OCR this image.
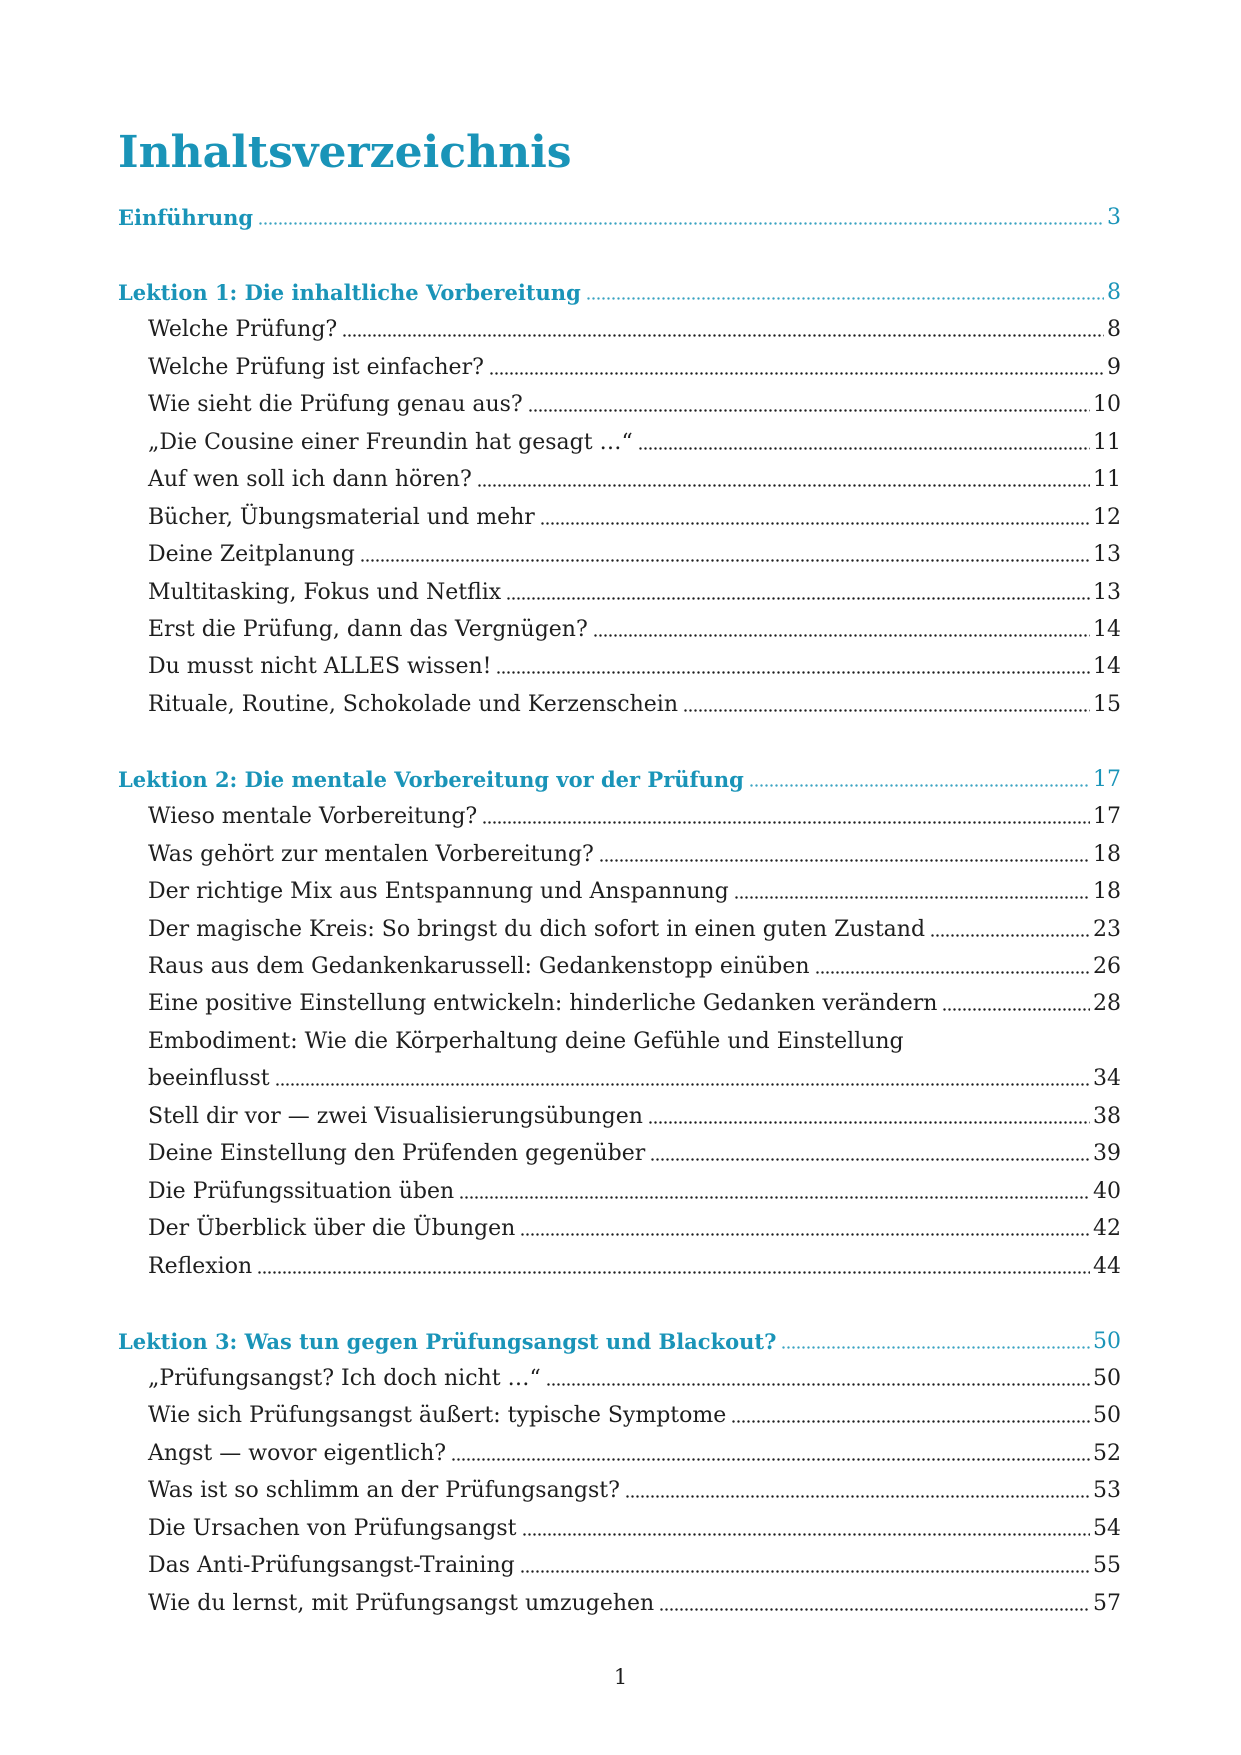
Inhaltsverzeichnis
Einführung	3
Lektion 1: Die inhaltliche Vorbereitung	8
Welche Prüfung?	8
Welche Prüfung ist einfacher?	9
Wie sieht die Prüfung genau aus?	10
„Die Cousine einer Freundin hat gesagt …“	11
Auf wen soll ich dann hören?	11
Bücher, Übungsmaterial und mehr	12
Deine Zeitplanung	13
Multitasking, Fokus und Netflix	13
Erst die Prüfung, dann das Vergnügen?	14
Du musst nicht ALLES wissen!	14
Rituale, Routine, Schokolade und Kerzenschein	15
Lektion 2: Die mentale Vorbereitung vor der Prüfung	17
Wieso mentale Vorbereitung?	17
Was gehört zur mentalen Vorbereitung?	18
Der richtige Mix aus Entspannung und Anspannung	18
Der magische Kreis: So bringst du dich sofort in einen guten Zustand	23
Raus aus dem Gedankenkarussell: Gedankenstopp einüben	26
Eine positive Einstellung entwickeln: hinderliche Gedanken verändern	28
Embodiment: Wie die Körperhaltung deine Gefühle und Einstellung beeinflusst	34
Stell dir vor — zwei Visualisierungsübungen	38
Deine Einstellung den Prüfenden gegenüber	39
Die Prüfungssituation üben	40
Der Überblick über die Übungen	42
Reflexion	44
Lektion 3: Was tun gegen Prüfungsangst und Blackout?	50
„Prüfungsangst? Ich doch nicht …“	50
Wie sich Prüfungsangst äußert: typische Symptome	50
Angst — wovor eigentlich?	52
Was ist so schlimm an der Prüfungsangst?	53
Die Ursachen von Prüfungsangst	54
Das Anti-Prüfungsangst-Training	55
Wie du lernst, mit Prüfungsangst umzugehen	57
1
